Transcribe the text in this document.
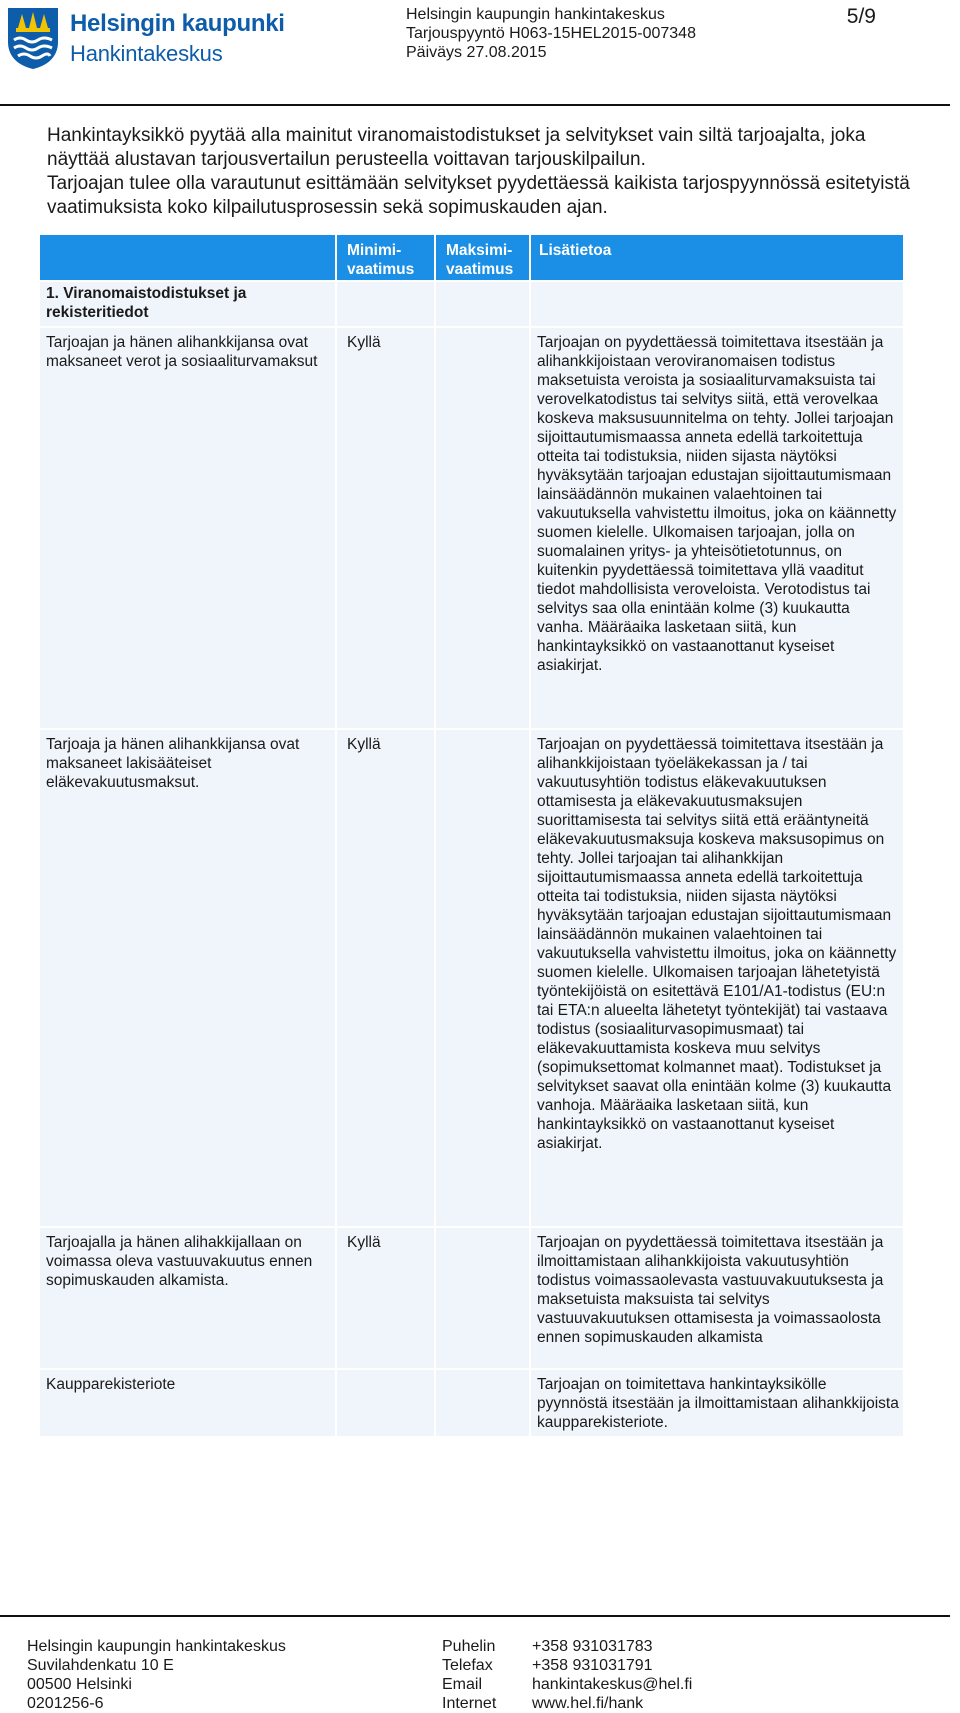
Helsingin kaupunki
Hankintakeskus
Helsingin kaupungin hankintakeskus
Tarjouspyyntö H063-15HEL2015-007348
Päiväys 27.08.2015
5/9

Hankintayksikkö pyytää alla mainitut viranomaistodistukset ja selvitykset vain siltä tarjoajalta, joka näyttää alustavan tarjousvertailun perusteella voittavan tarjouskilpailun.

Tarjoajan tulee olla varautunut esittämään selvitykset pyydettäessä kaikista tarjospyynnössä esitetyistä vaatimuksista koko kilpailutusprosessin sekä sopimuskauden ajan.

	Minimi-vaatimus	Maksimi-vaatimus	Lisätietoa
1. Viranomaistodistukset ja rekisteritiedot			
Tarjoajan ja hänen alihankkijansa ovat maksaneet verot ja sosiaaliturvamaksut	Kyllä		Tarjoajan on pyydettäessä toimitettava itsestään ja alihankkijoistaan veroviranomaisen todistus maksetuista veroista ja sosiaaliturvamaksuista tai verovelkatodistus tai selvitys siitä, että verovelkaa koskeva maksusuunnitelma on tehty. Jollei tarjoajan sijoittautumismaassa anneta edellä tarkoitettuja otteita tai todistuksia, niiden sijasta näytöksi hyväksytään tarjoajan edustajan sijoittautumismaan lainsäädännön mukainen valaehtoinen tai vakuutuksella vahvistettu ilmoitus, joka on käännetty suomen kielelle. Ulkomaisen tarjoajan, jolla on suomalainen yritys- ja yhteisötietotunnus, on kuitenkin pyydettäessä toimitettava yllä vaaditut tiedot mahdollisista veroveloista. Verotodistus tai selvitys saa olla enintään kolme (3) kuukautta vanha. Määräaika lasketaan siitä, kun hankintayksikkö on vastaanottanut kyseiset asiakirjat.
Tarjoaja ja hänen alihankkijansa ovat maksaneet lakisääteiset eläkevakuutusmaksut.	Kyllä		Tarjoajan on pyydettäessä toimitettava itsestään ja alihankkijoistaan työeläkekassan ja / tai vakuutusyhtiön todistus eläkevakuutuksen ottamisesta ja eläkevakuutusmaksujen suorittamisesta tai selvitys siitä että erääntyneitä eläkevakuutusmaksuja koskeva maksusopimus on tehty. Jollei tarjoajan tai alihankkijan sijoittautumismaassa anneta edellä tarkoitettuja otteita tai todistuksia, niiden sijasta näytöksi hyväksytään tarjoajan edustajan sijoittautumismaan lainsäädännön mukainen valaehtoinen tai vakuutuksella vahvistettu ilmoitus, joka on käännetty suomen kielelle. Ulkomaisen tarjoajan lähetetyistä työntekijöistä on esitettävä E101/A1-todistus (EU:n tai ETA:n alueelta lähetetyt työntekijät) tai vastaava todistus (sosiaaliturvasopimusmaat) tai eläkevakuuttamista koskeva muu selvitys (sopimuksettomat kolmannet maat). Todistukset ja selvitykset saavat olla enintään kolme (3) kuukautta vanhoja. Määräaika lasketaan siitä, kun hankintayksikkö on vastaanottanut kyseiset asiakirjat.
Tarjoajalla ja hänen alihakkijallaan on voimassa oleva vastuuvakuutus ennen sopimuskauden alkamista.	Kyllä		Tarjoajan on pyydettäessä toimitettava itsestään ja ilmoittamistaan alihankkijoista vakuutusyhtiön todistus voimassaolevasta vastuuvakuutuksesta ja maksetuista maksuista tai selvitys vastuuvakuutuksen ottamisesta ja voimassaolosta ennen sopimuskauden alkamista
Kaupparekisteriote			Tarjoajan on toimitettava hankintayksikölle pyynnöstä itsestään ja ilmoittamistaan alihankkijoista kaupparekisteriote.
Helsingin kaupungin hankintakeskus
Suvilahdenkatu 10 E
00500 Helsinki
0201256-6
Puhelin
Telefax
Email
Internet
+358 931031783
+358 931031791
hankintakeskus@hel.fi
www.hel.fi/hank
